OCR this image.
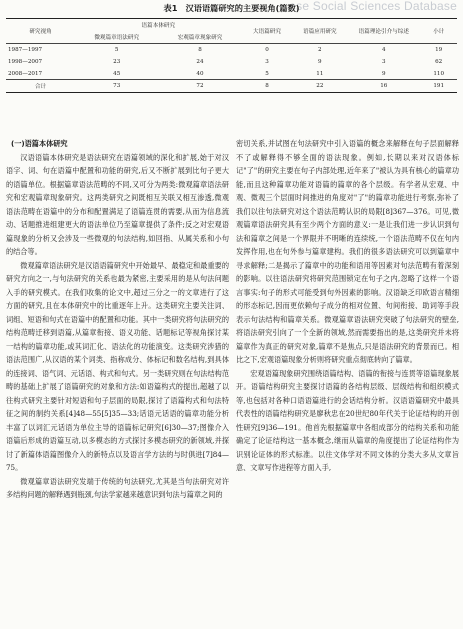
ese Social Sciences Database
表1　汉语语篇研究的主要视角(篇数)
研究视角	语篇本体研究		大语篇研究	语篇应用研究	语篇理论引介与综述	小计
	微观篇章语法研究	宏观篇章现象研究				
1987—1997	5	8	0	2	4	19
1998—2007	23	24	3	9	3	62
2008—2017	45	40	5	11	9	110
合计	73	72	8	22	16	191

(一)语篇本体研究

汉语语篇本体研究是语法研究在语篇领域的深化和扩展,始于对汉语字、词、句在语篇中配置和功能的研究,后又不断扩展到比句子更大的语篇单位。根据篇章语法范畴的不同,又可分为两类:微观篇章语法研究和宏观篇章现象研究。这两类研究之间既相互关联又相互渗透,微观语法范畴在语篇中的分布和配置满足了语篇连贯的需要,从而为信息流动、话题推进组建更大的语法单位乃至篇章提供了条件;反之对宏观语篇现象的分析又会涉及一些微观的句法结构,如回指、从属关系和小句的结合等。

微观篇章语法研究是汉语语篇研究中开始最早、最稳定和最重要的研究方向之一,与句法研究的关系也最为紧密,主要采用的是从句法问题入手的研究模式。在我们收集的论文中,超过三分之一的文章进行了这方面的研究,且在本体研究中的比重逐年上升。这类研究主要关注词、词组、短语和句式在语篇中的配置和功能。其中一类研究将句法研究的结构范畴迁移到语篇,从篇章衔接、语义功能、话题标记等视角探讨某一结构的篇章功能,或其词汇化、语法化的功能演变。这类研究涉猎的语法范围广,从汉语的某个词类、指称成分、体标记和数名结构,到具体的连接词、语气词、元话语、构式和句式。另一类研究则在句法结构范畴的基础上扩展了语篇研究的对象和方法:如语篇构式的提出,超越了以往构式研究主要针对短语和句子层面的局限,探讨了语篇构式和句法特征之间的制约关系[4]48—55[5]35—33;话语元话语的篇章功能分析丰富了以词汇元话语为单位主导的语篇标记研究[6]30—37;图像介入语篇后形成的语篇互动,以多模态的方式探讨多模态研究的新领域,并探讨了新篇体语篇图像介入的新特点以及语言学方法的与时俱进[7]84—75。

微观篇章语法研究发端于传统的句法研究,尤其是当句法研究对许多结构问题的解释遇到瓶颈,句法学家越来越意识到句法与篇章之间的

密切关系,并试图在句法研究中引入语篇的概念来解释在句子层面解释不了或解释得不够全面的语法现象。例如,长期以来对汉语体标记"了"的研究主要在句子内部处理,近年来了"被认为具有核心的篇章功能,而且这种篇章功能对语篇的篇章的各个层级。有学者从宏观、中观、微观三个层面时间推进的角度对"了"的篇章功能进行考察,弥补了我们以往句法研究对这个语法范畴认识的局限[8]367—376。可见,微观篇章语法研究具有至少两个方面的意义:一是让我们进一步认识到句法和篇章之间是一个界限并不明晰的连续统,一个语法范畴不仅在句内发挥作用,也在句外参与篇章建构。我们的很多语法研究可以到篇章中寻求解释;二是揭示了篇章中的功能和语用等因素对句法范畴有着深刻的影响。以往语法研究将研究范围锁定在句子之内,忽略了这样一个语言事实:句子的形式可能受到句外因素的影响。汉语缺乏印欧语言精细的形态标记,因而更依赖句子成分的相对位置、句间衔接、助词等手段表示句法结构和篇章关系。微观篇章语法研究突破了句法研究的壁垒,将语法研究引向了一个全新的领域,然而需要指出的是,这类研究并未将篇章作为真正的研究对象,篇章不是焦点,只是语法研究的背景而已。相比之下,宏观语篇现象分析则将研究重点彻底转向了篇章。

宏观语篇现象研究围绕语篇结构、语篇的衔接与连贯等语篇现象展开。语篇结构研究主要探讨语篇的各结构层级、层级结构和组织模式等,也包括对各种口语语篇进行的会话结构分析。汉语语篇研究中最具代表性的语篇结构研究是廖秋忠在20世纪80年代关于论证结构的开创性研究[9]36—191。他首先根据篇章中各组成部分的结构关系和功能确定了论证结构这一基本概念,继而从篇章的角度提出了论证结构作为识别论证体的形式标准。以往文体学对不同文体的分类大多从文章旨意、文章写作进程等方面入手,
